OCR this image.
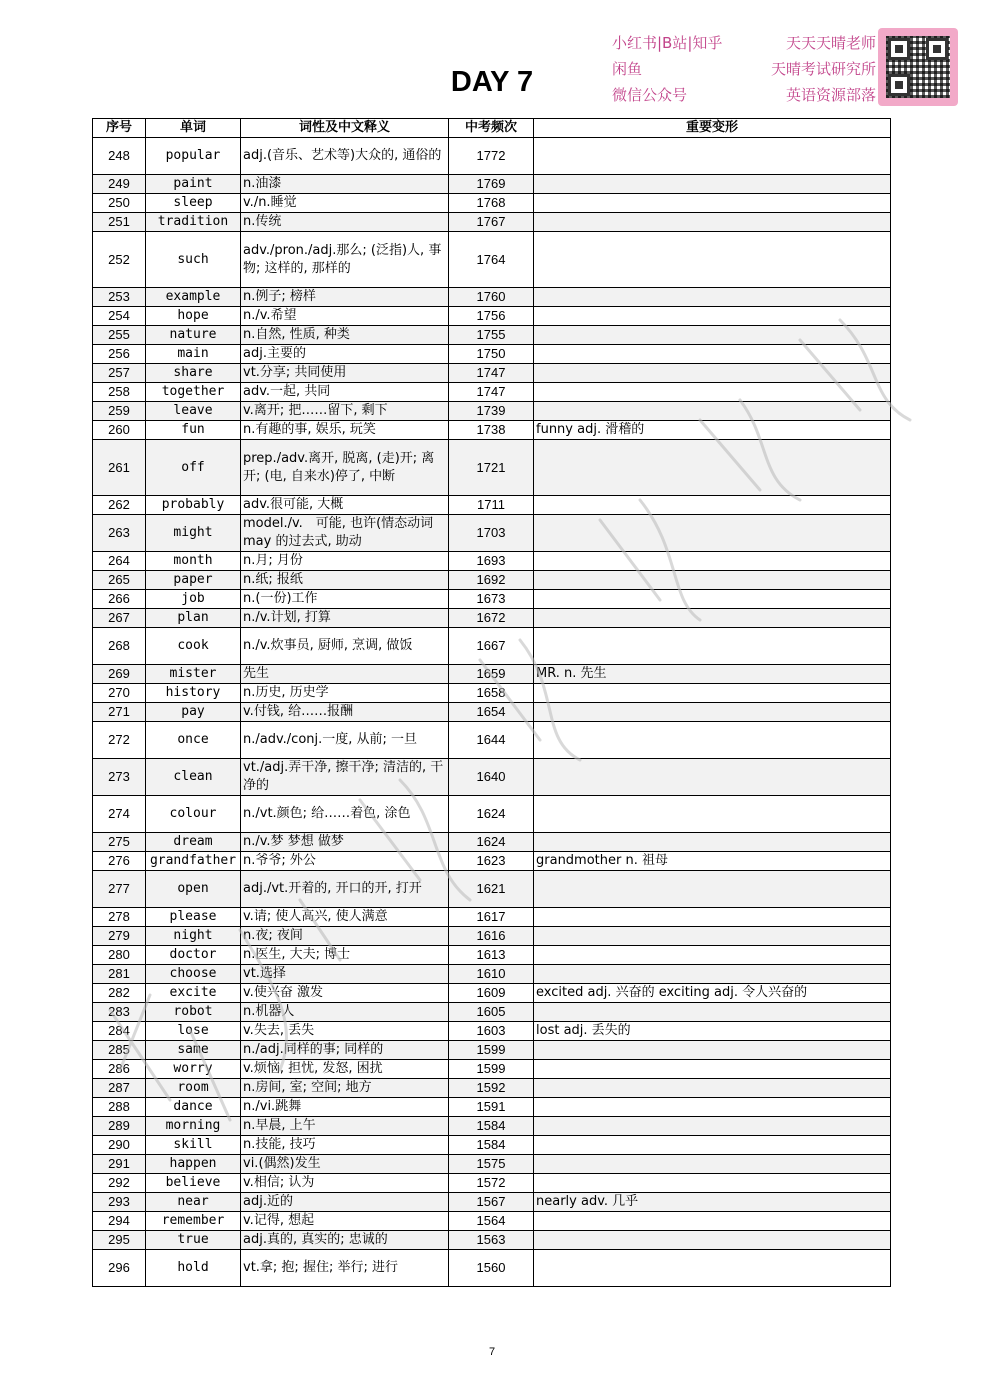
DAY 7
小红书|B站|知乎	天天天晴老师
闲鱼	天晴考试研究所
微信公众号	英语资源部落
序号	单词	词性及中文释义	中考频次	重要变形
248	popular	adj.(音乐、艺术等)大众的, 通俗的	1772	
249	paint	n.油漆	1769	
250	sleep	v./n.睡觉	1768	
251	tradition	n.传统	1767	
252	such	adv./pron./adj.那么; (泛指)人, 事物; 这样的, 那样的	1764	
253	example	n.例子; 榜样	1760	
254	hope	n./v.希望	1756	
255	nature	n.自然, 性质, 种类	1755	
256	main	adj.主要的	1750	
257	share	vt.分享; 共同使用	1747	
258	together	adv.一起, 共同	1747	
259	leave	v.离开; 把……留下, 剩下	1739	
260	fun	n.有趣的事, 娱乐, 玩笑	1738	funny adj. 滑稽的
261	off	prep./adv.离开, 脱离, (走)开; 离开; (电, 自来水)停了, 中断	1721	
262	probably	adv.很可能, 大概	1711	
263	might	model./v.　可能, 也许(情态动词 may 的过去式, 助动	1703	
264	month	n.月; 月份	1693	
265	paper	n.纸; 报纸	1692	
266	job	n.(一份)工作	1673	
267	plan	n./v.计划, 打算	1672	
268	cook	n./v.炊事员, 厨师, 烹调, 做饭	1667	
269	mister	先生	1659	MR. n. 先生
270	history	n.历史, 历史学	1658	
271	pay	v.付钱, 给……报酬	1654	
272	once	n./adv./conj.一度, 从前; 一旦	1644	
273	clean	vt./adj.弄干净, 擦干净; 清洁的, 干净的	1640	
274	colour	n./vt.颜色; 给……着色, 涂色	1624	
275	dream	n./v.梦 梦想 做梦	1624	
276	grandfather	n.爷爷; 外公	1623	grandmother n. 祖母
277	open	adj./vt.开着的, 开口的开, 打开	1621	
278	please	v.请; 使人高兴, 使人满意	1617	
279	night	n.夜; 夜间	1616	
280	doctor	n.医生, 大夫; 博士	1613	
281	choose	vt.选择	1610	
282	excite	v.使兴奋 激发	1609	excited adj. 兴奋的 exciting adj. 令人兴奋的
283	robot	n.机器人	1605	
284	lose	v.失去, 丢失	1603	lost adj. 丢失的
285	same	n./adj.同样的事; 同样的	1599	
286	worry	v.烦恼, 担忧, 发怒, 困扰	1599	
287	room	n.房间, 室; 空间; 地方	1592	
288	dance	n./vi.跳舞	1591	
289	morning	n.早晨, 上午	1584	
290	skill	n.技能, 技巧	1584	
291	happen	vi.(偶然)发生	1575	
292	believe	v.相信; 认为	1572	
293	near	adj.近的	1567	nearly adv. 几乎
294	remember	v.记得, 想起	1564	
295	true	adj.真的, 真实的; 忠诚的	1563	
296	hold	vt.拿; 抱; 握住; 举行; 进行	1560	
7
